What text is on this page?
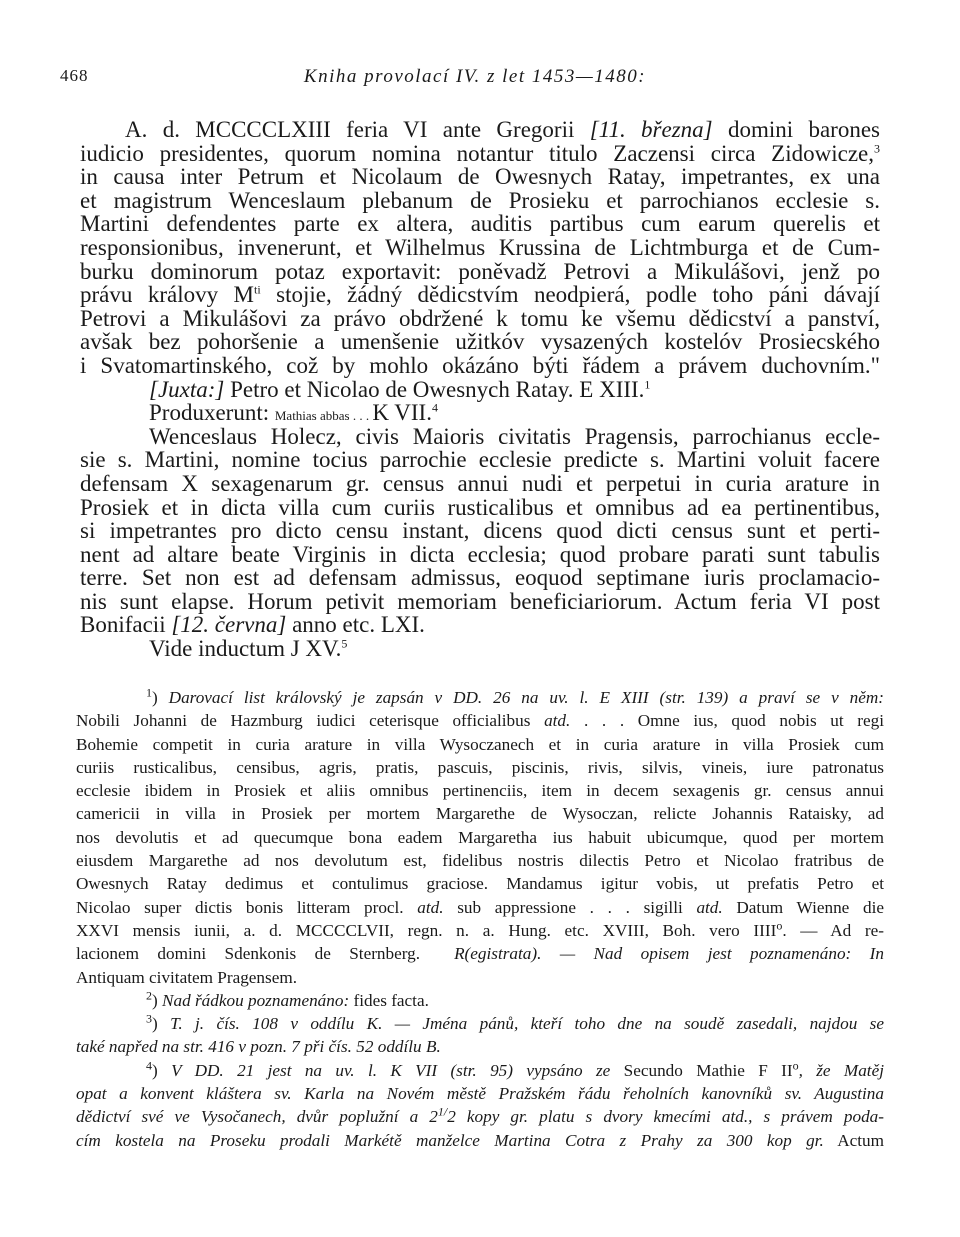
468	Kniha provolací IV. z let 1453—1480:
A. d. MCCCCLXIII feria VI ante Gregorii [11. března] domini barones
iudicio presidentes, quorum nomina notantur titulo Zaczensi circa Zidowicze,$^3$
in causa inter Petrum et Nicolaum de Owesnych Ratay, impetrantes, ex una
et magistrum Wenceslaum plebanum de Prosieku et parrochianos ecclesie s.
Martini defendentes parte ex altera, auditis partibus cum earum querelis et
responsionibus, invenerunt, et Wilhelmus Krussina de Lichtmburga et de Cum-
burku dominorum potaz exportavit: poněvadž Petrovi a Mikulášovi, jenž po
právu královy $M^{ti}$ stojie, žádný dědicstvím neodpierá, podle toho páni dávají
Petrovi a Mikulášovi za právo obdržené k tomu ke všemu dědicství a panství,
avšak bez pohoršenie a umenšenie užitkóv vysazených kostelóv Prosiecského
i Svatomartinského, což by mohlo okázáno býti řádem a právem duchovním."
[Juxta:] Petro et Nicolao de Owesnych Ratay. E XIII.$^1$
Produxerunt: Mathias abbas . . . K VII.$^4$
Wenceslaus Holecz, civis Maioris civitatis Pragensis, parrochianus eccle-
sie s. Martini, nomine tocius parrochie ecclesie predicte s. Martini voluit facere
defensam X sexagenarum gr. census annui nudi et perpetui in curia arature in
Prosiek et in dicta villa cum curiis rusticalibus et omnibus ad ea pertinentibus,
si impetrantes pro dicto censu instant, dicens quod dicti census sunt et perti-
nent ad altare beate Virginis in dicta ecclesia; quod probare parati sunt tabulis
terre. Set non est ad defensam admissus, eoquod septimane iuris proclamacio-
nis sunt elapse. Horum petivit memoriam beneficiariorum. Actum feria VI post
Bonifacii [12. června] anno etc. LXI.
Vide inductum J XV.$^5$
$^1$) Darovací list královský je zapsán v DD. 26 na uv. l. E XIII (str. 139) a praví se v něm:
Nobili Johanni de Hazmburg iudici ceterisque officialibus atd. . . . Omne ius, quod nobis ut regi
Bohemie competit in curia arature in villa Wysoczanech et in curia arature in villa Prosiek cum
curiis rusticalibus, censibus, agris, pratis, pascuis, piscinis, rivis, silvis, vineis, iure patronatus
ecclesie ibidem in Prosiek et aliis omnibus pertinenciis, item in decem sexagenis gr. census annui
camericii in villa in Prosiek per mortem Margarethe de Wysoczan, relicte Johannis Rataisky, ad
nos devolutis et ad quecumque bona eadem Margaretha ius habuit ubicumque, quod per mortem
eiusdem Margarethe ad nos devolutum est, fidelibus nostris dilectis Petro et Nicolao fratribus de
Owesnych Ratay dedimus et contulimus graciose. Mandamus igitur vobis, ut prefatis Petro et
Nicolao super dictis bonis litteram procl. atd. sub appressione . . . sigilli atd. Datum Wienne die
XXVI mensis iunii, a. d. MCCCCLVII, regn. n. a. Hung. etc. XVIII, Boh. vero IIII$^o$. — Ad re-
lacionem domini Sdenkonis de Sternberg. R(egistrata). — Nad opisem jest poznamenáno: In
Antiquam civitatem Pragensem.
$^2$) Nad řádkou poznamenáno: fides facta.
$^3$) T. j. čís. 108 v oddílu K. — Jména pánů, kteří toho dne na soudě zasedali, najdou se
také napřed na str. 416 v pozn. 7 při čís. 52 oddílu B.
$^4$) V DD. 21 jest na uv. l. K VII (str. 95) vypsáno ze Secundo Mathie F $II^o$, že Matěj
opat a konvent kláštera sv. Karla na Novém městě Pražském řádu řeholních kanovníků sv. Augustina
dědictví své ve Vysočanech, dvůr poplužní a $2^{1/}2$ kopy gr. platu s dvory kmecími atd., s právem poda-
cím kostela na Proseku prodali Markétě manželce Martina Cotra z Prahy za 300 kop gr. Actum
